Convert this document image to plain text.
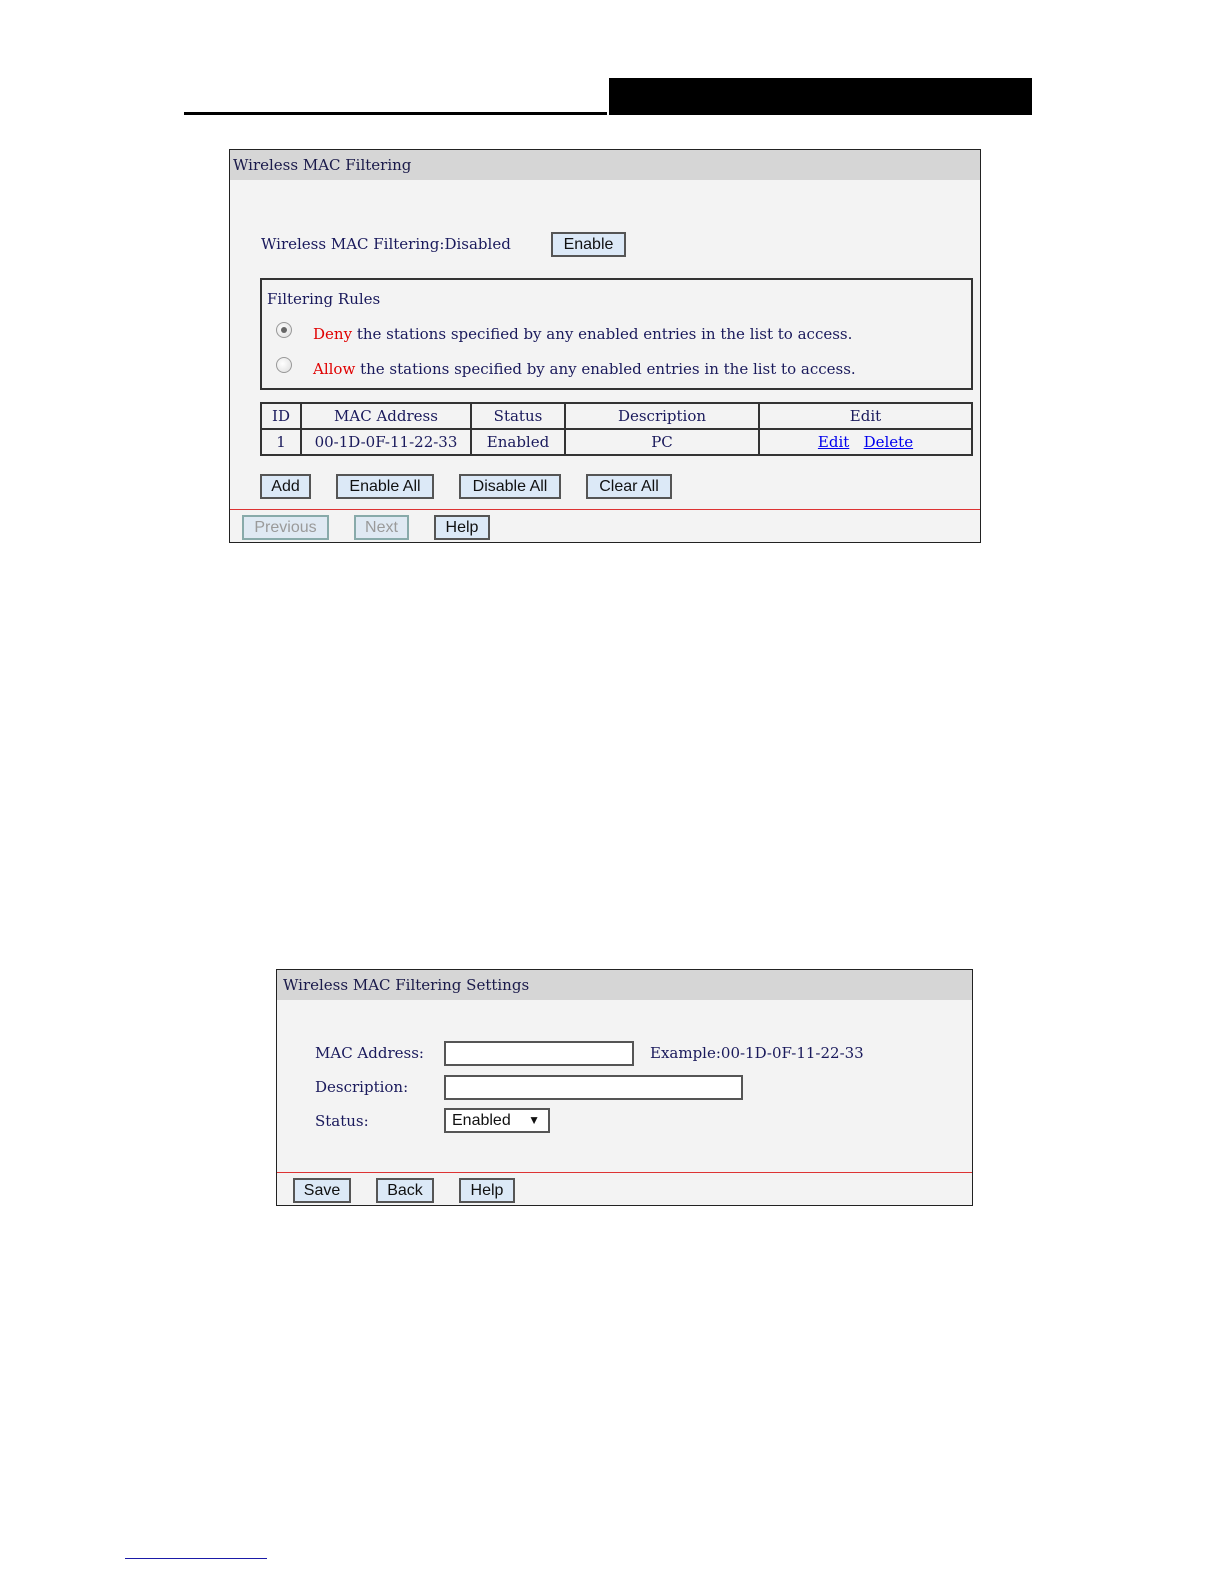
Wireless MAC Filtering
Wireless MAC Filtering:Disabled	Enable
Filtering Rules
Deny the stations specified by any enabled entries in the list to access.
Allow the stations specified by any enabled entries in the list to access.
ID	MAC Address	Status	Description	Edit
1	00-1D-0F-11-22-33	Enabled	PC	Edit Delete
Add	Enable All	Disable All	Clear All
Previous	Next	Help
Wireless MAC Filtering Settings
MAC Address:	Example:00-1D-0F-11-22-33
Description:
Status:	Enabled ▼
Save	Back	Help
